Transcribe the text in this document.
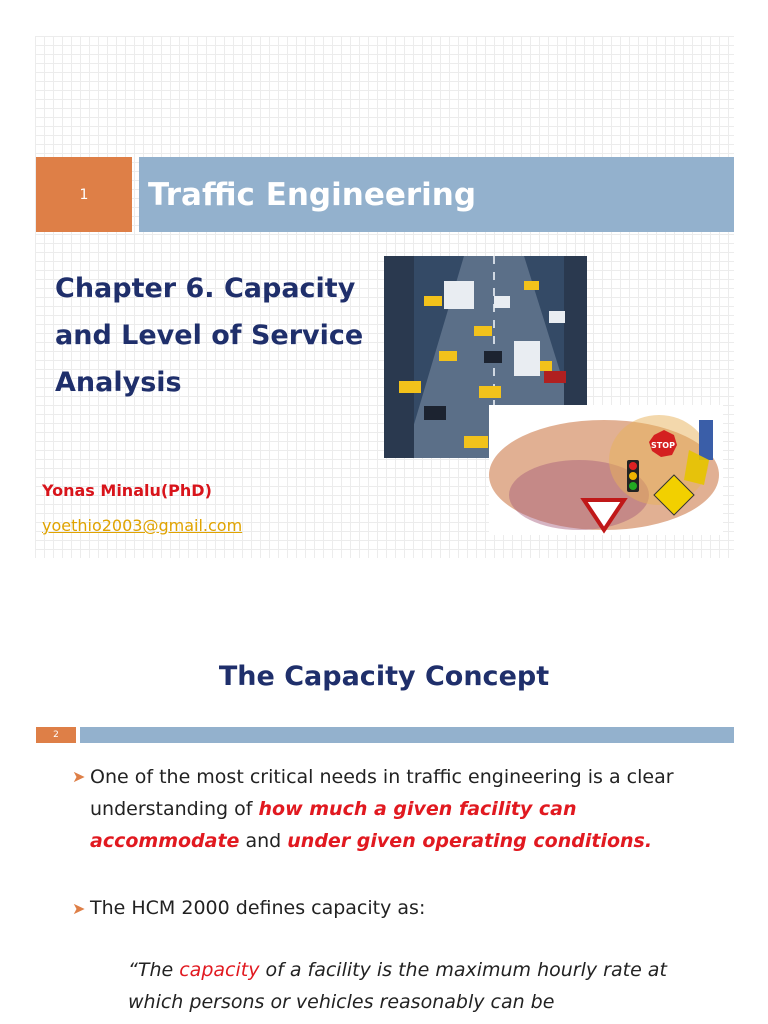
1	Traffic Engineering
Chapter 6. Capacity
and Level of Service
Analysis
STOP
Yonas Minalu(PhD)
yoethio2003@gmail.com
The Capacity Concept
2
➤ One of the most critical needs in traffic engineering is a clear understanding of how much a given facility can accommodate and under given operating conditions.
➤ The HCM 2000 defines capacity as:
“The capacity of a facility is the maximum hourly rate at which persons or vehicles reasonably can be
